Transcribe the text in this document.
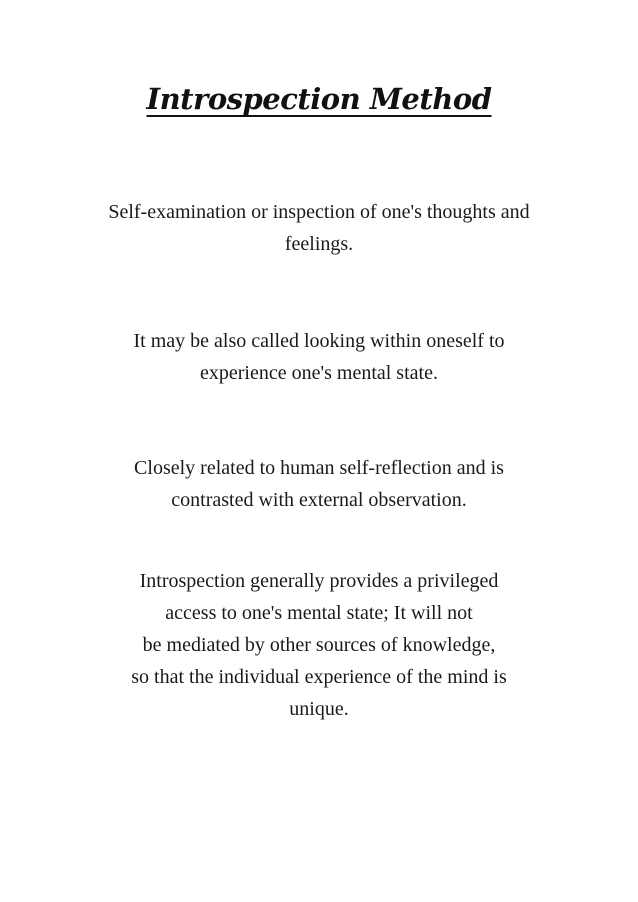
Introspection Method

Self-examination or inspection of one's thoughts and
feelings.

It may be also called looking within oneself to
experience one's mental state.

Closely related to human self-reflection and is
contrasted with external observation.

Introspection generally provides a privileged
access to one's mental state; It will not
be mediated by other sources of knowledge,
so that the individual experience of the mind is
unique.
